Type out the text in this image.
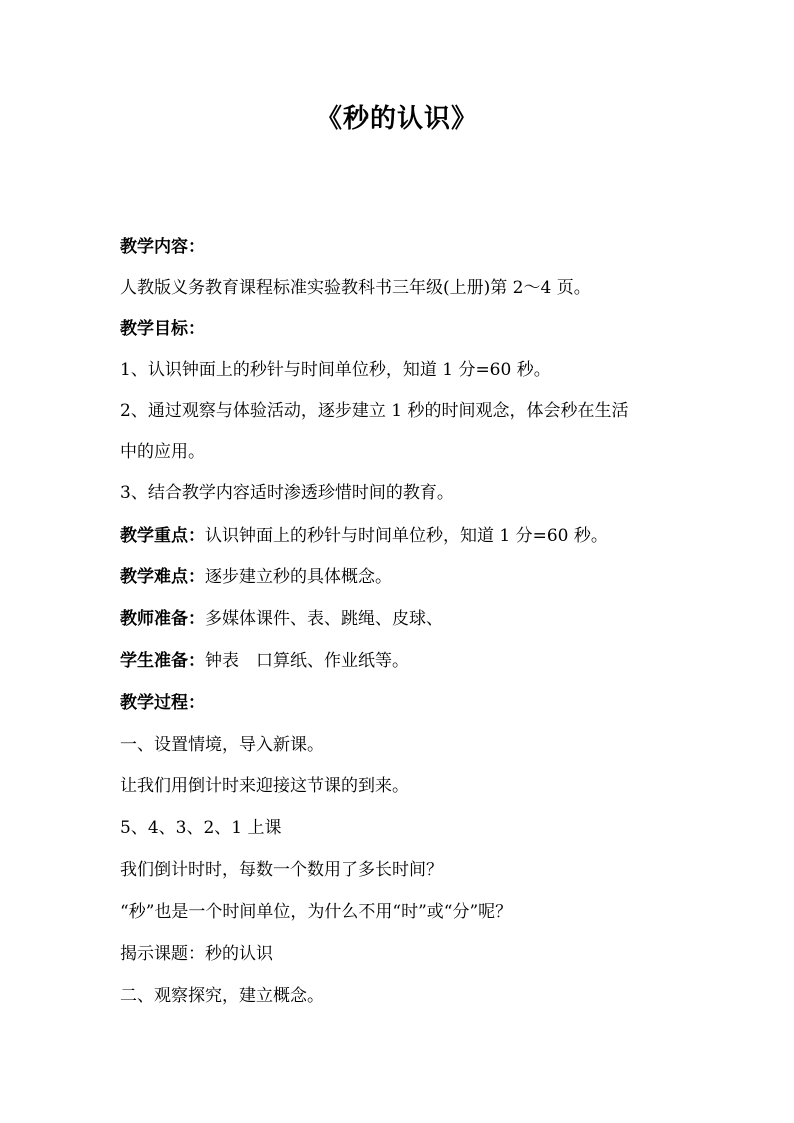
《秒的认识》
教学内容：
人教版义务教育课程标准实验教科书三年级(上册)第 2～4 页。
教学目标：
1、认识钟面上的秒针与时间单位秒，知道 1 分=60 秒。
2、通过观察与体验活动，逐步建立 1 秒的时间观念，体会秒在生活
中的应用。
3、结合教学内容适时渗透珍惜时间的教育。
教学重点：认识钟面上的秒针与时间单位秒，知道 1 分=60 秒。
教学难点：逐步建立秒的具体概念。
教师准备：多媒体课件、表、跳绳、皮球、
学生准备：钟表　口算纸、作业纸等。
教学过程：
一、设置情境，导入新课。
让我们用倒计时来迎接这节课的到来。
5、4、3、2、1 上课
我们倒计时时，每数一个数用了多长时间？
“秒”也是一个时间单位，为什么不用“时”或“分”呢？
揭示课题：秒的认识
二、观察探究，建立概念。
